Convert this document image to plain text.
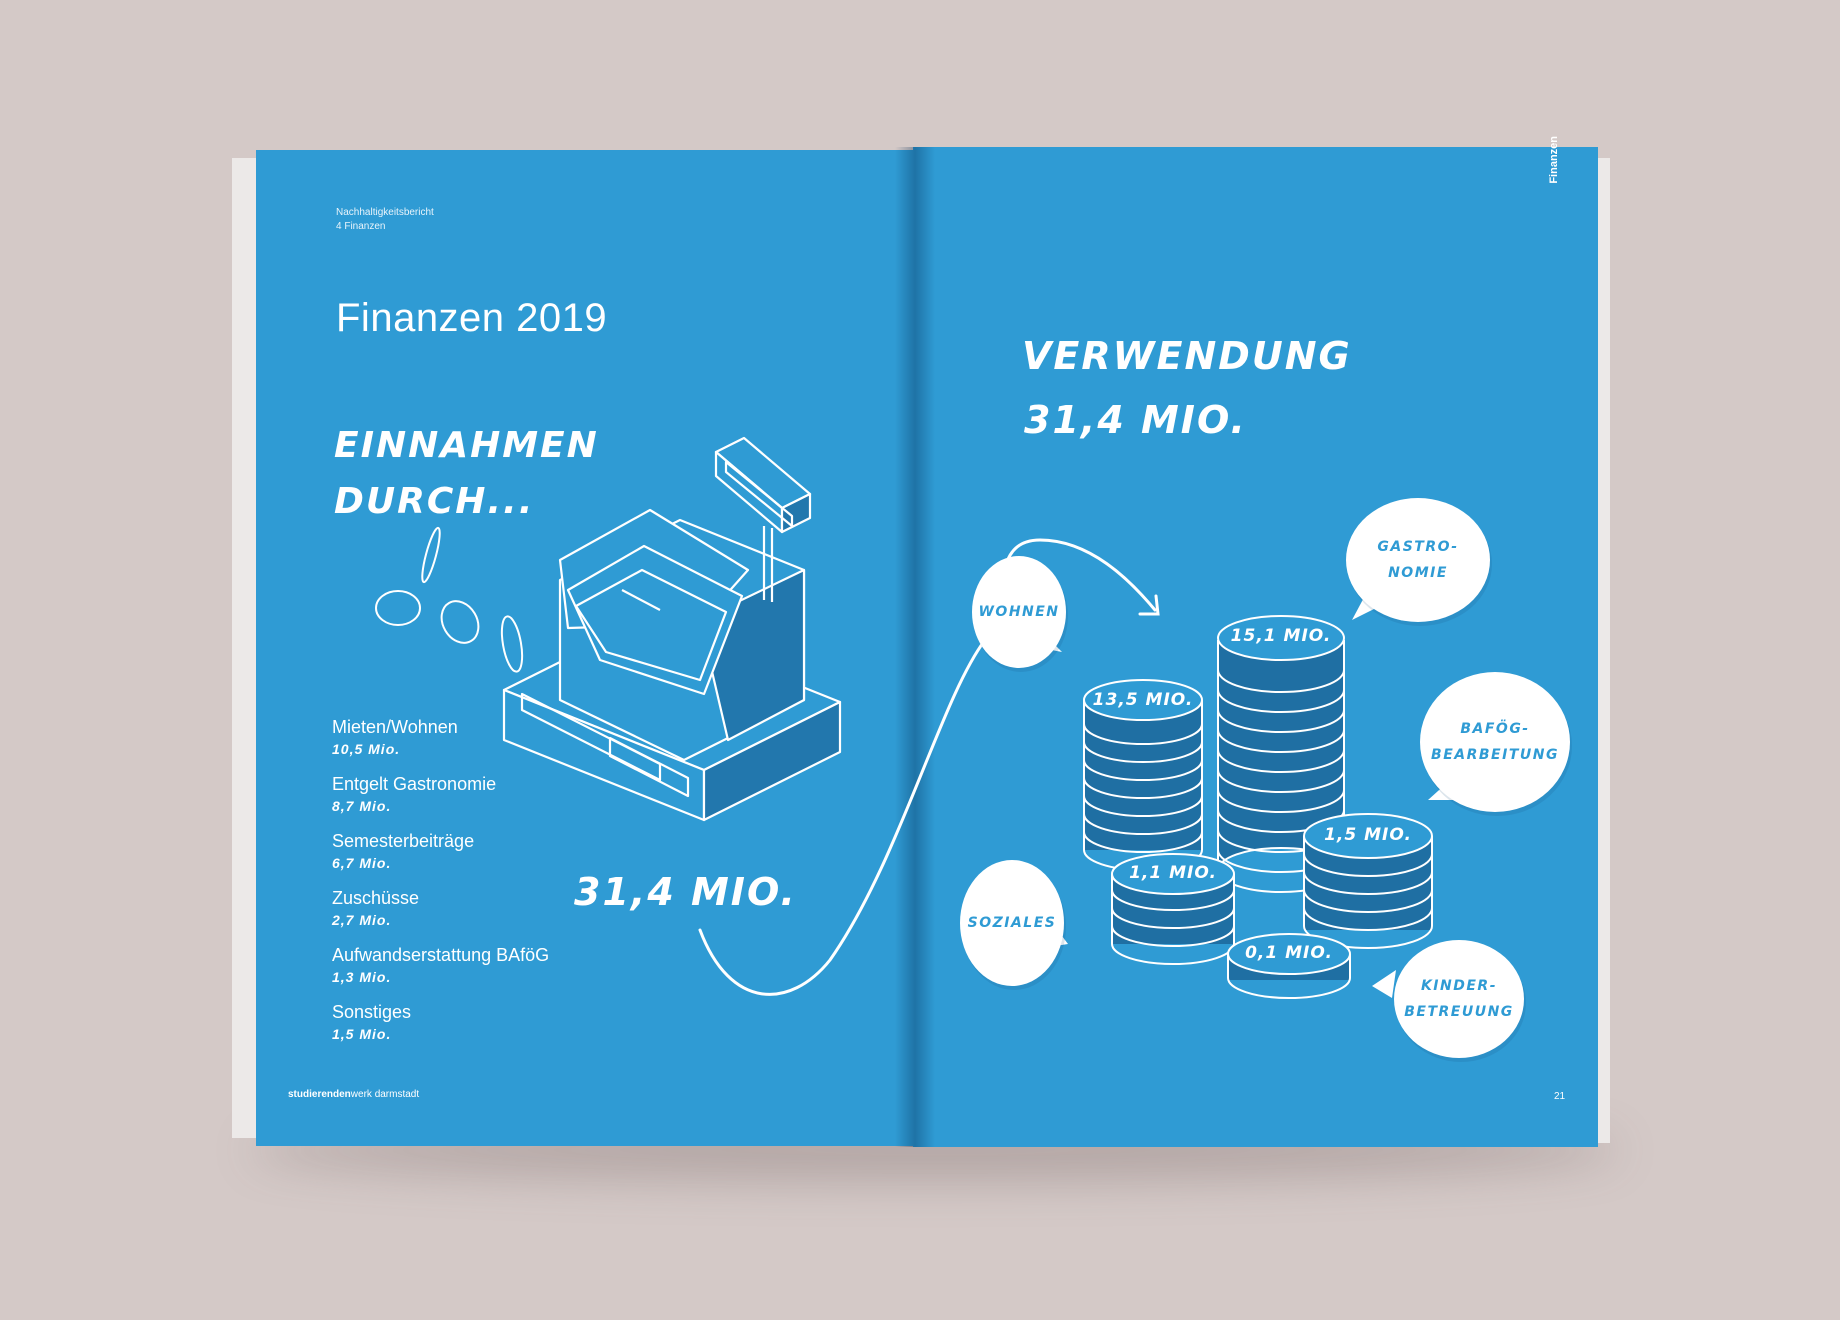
Nachhaltigkeitsbericht
4 Finanzen
Finanzen 2019
EINNAHMEN
DURCH...
Mieten/Wohnen
10,5 Mio.
Entgelt Gastronomie
8,7 Mio.
Semesterbeiträge
6,7 Mio.
Zuschüsse
2,7 Mio.
Aufwandserstattung BAföG
1,3 Mio.
Sonstiges
1,5 Mio.
31,4 MIO.
studierendenwerk darmstadt
Finanzen
21
VERWENDUNG
31,4 MIO.
WOHNEN
GASTRO-
NOMIE
BAFÖG-
BEARBEITUNG
SOZIALES
KINDER-
BETREUUNG
15,1 MIO.
13,5 MIO.
1,5 MIO.
1,1 MIO.
0,1 MIO.
